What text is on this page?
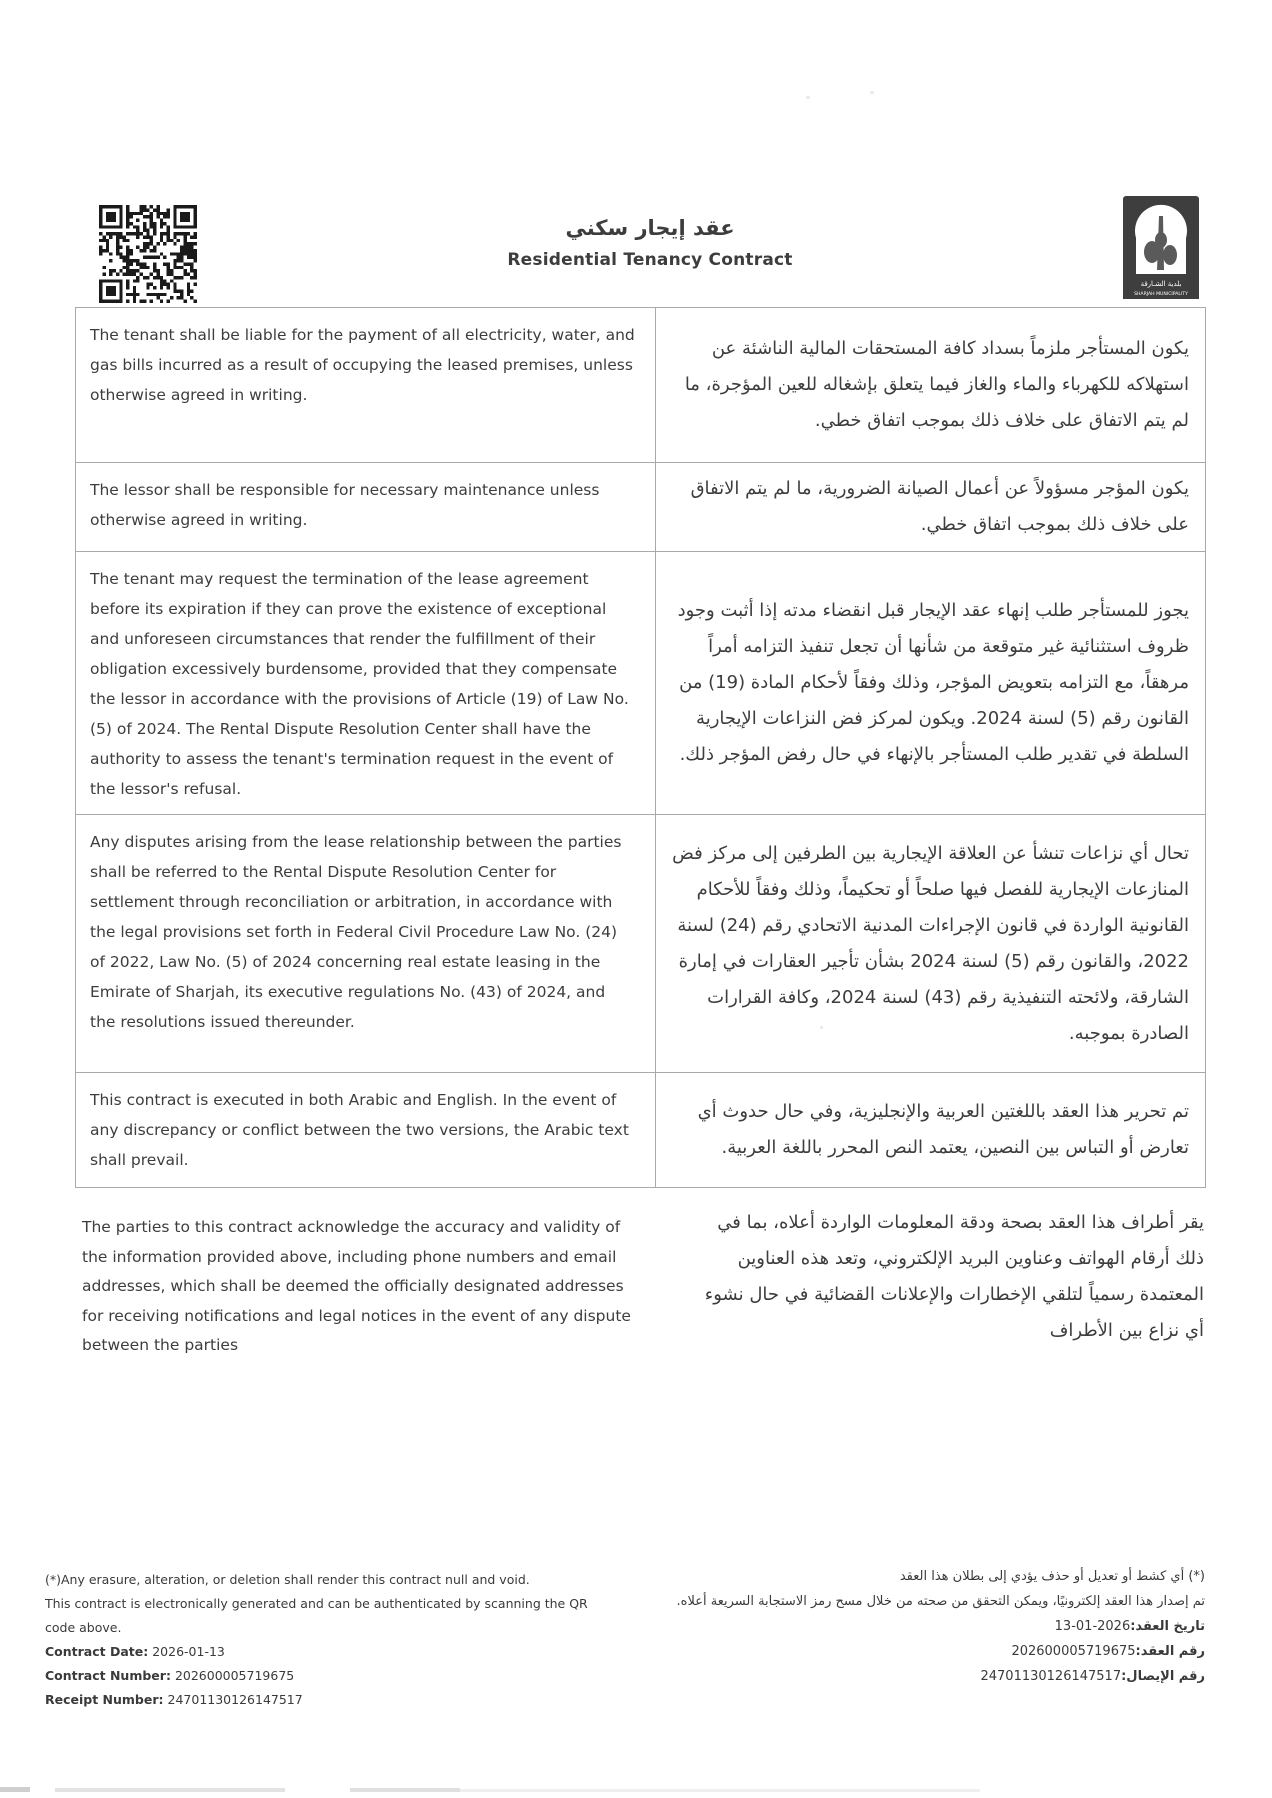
عقد إيجار سكني
Residential Tenancy Contract
بلدية الشـارقة
SHARJAH MUNICIPALITY
The tenant shall be liable for the payment of all electricity, water, and gas bills incurred as a result of occupying the leased premises, unless otherwise agreed in writing.
يكون المستأجر ملزماً بسداد كافة المستحقات المالية الناشئة عن استهلاكه للكهرباء والماء والغاز فيما يتعلق بإشغاله للعين المؤجرة، ما لم يتم الاتفاق على خلاف ذلك بموجب اتفاق خطي.
The lessor shall be responsible for necessary maintenance unless otherwise agreed in writing.
يكون المؤجر مسؤولاً عن أعمال الصيانة الضرورية، ما لم يتم الاتفاق على خلاف ذلك بموجب اتفاق خطي.
The tenant may request the termination of the lease agreement before its expiration if they can prove the existence of exceptional and unforeseen circumstances that render the fulfillment of their obligation excessively burdensome, provided that they compensate the lessor in accordance with the provisions of Article (19) of Law No. (5) of 2024. The Rental Dispute Resolution Center shall have the authority to assess the tenant's termination request in the event of the lessor's refusal.
يجوز للمستأجر طلب إنهاء عقد الإيجار قبل انقضاء مدته إذا أثبت وجود ظروف استثنائية غير متوقعة من شأنها أن تجعل تنفيذ التزامه أمراً مرهقاً، مع التزامه بتعويض المؤجر، وذلك وفقاً لأحكام المادة (19) من القانون رقم (5) لسنة 2024. ويكون لمركز فض النزاعات الإيجارية السلطة في تقدير طلب المستأجر بالإنهاء في حال رفض المؤجر ذلك.
Any disputes arising from the lease relationship between the parties shall be referred to the Rental Dispute Resolution Center for settlement through reconciliation or arbitration, in accordance with the legal provisions set forth in Federal Civil Procedure Law No. (24) of 2022, Law No. (5) of 2024 concerning real estate leasing in the Emirate of Sharjah, its executive regulations No. (43) of 2024, and the resolutions issued thereunder.
تحال أي نزاعات تنشأ عن العلاقة الإيجارية بين الطرفين إلى مركز فض المنازعات الإيجارية للفصل فيها صلحاً أو تحكيماً، وذلك وفقاً للأحكام القانونية الواردة في قانون الإجراءات المدنية الاتحادي رقم (24) لسنة 2022، والقانون رقم (5) لسنة 2024 بشأن تأجير العقارات في إمارة الشارقة، ولائحته التنفيذية رقم (43) لسنة 2024، وكافة القرارات الصادرة بموجبه.
This contract is executed in both Arabic and English. In the event of any discrepancy or conflict between the two versions, the Arabic text shall prevail.
تم تحرير هذا العقد باللغتين العربية والإنجليزية، وفي حال حدوث أي تعارض أو التباس بين النصين، يعتمد النص المحرر باللغة العربية.
The parties to this contract acknowledge the accuracy and validity of the information provided above, including phone numbers and email addresses, which shall be deemed the officially designated addresses for receiving notifications and legal notices in the event of any dispute between the parties
يقر أطراف هذا العقد بصحة ودقة المعلومات الواردة أعلاه، بما في ذلك أرقام الهواتف وعناوين البريد الإلكتروني، وتعد هذه العناوين المعتمدة رسمياً لتلقي الإخطارات والإعلانات القضائية في حال نشوء أي نزاع بين الأطراف
(*)Any erasure, alteration, or deletion shall render this contract null and void.
This contract is electronically generated and can be authenticated by scanning the QR code above.
Contract Date: 2026-01-13
Contract Number: 202600005719675
Receipt Number: 24701130126147517
(*) أي كشط أو تعديل أو حذف يؤدي إلى بطلان هذا العقد
تم إصدار هذا العقد إلكترونيًا، ويمكن التحقق من صحته من خلال مسح رمز الاستجابة السريعة أعلاه.
تاريخ العقد:2026-01-13
رقم العقد:202600005719675
رقم الإيصال:24701130126147517
